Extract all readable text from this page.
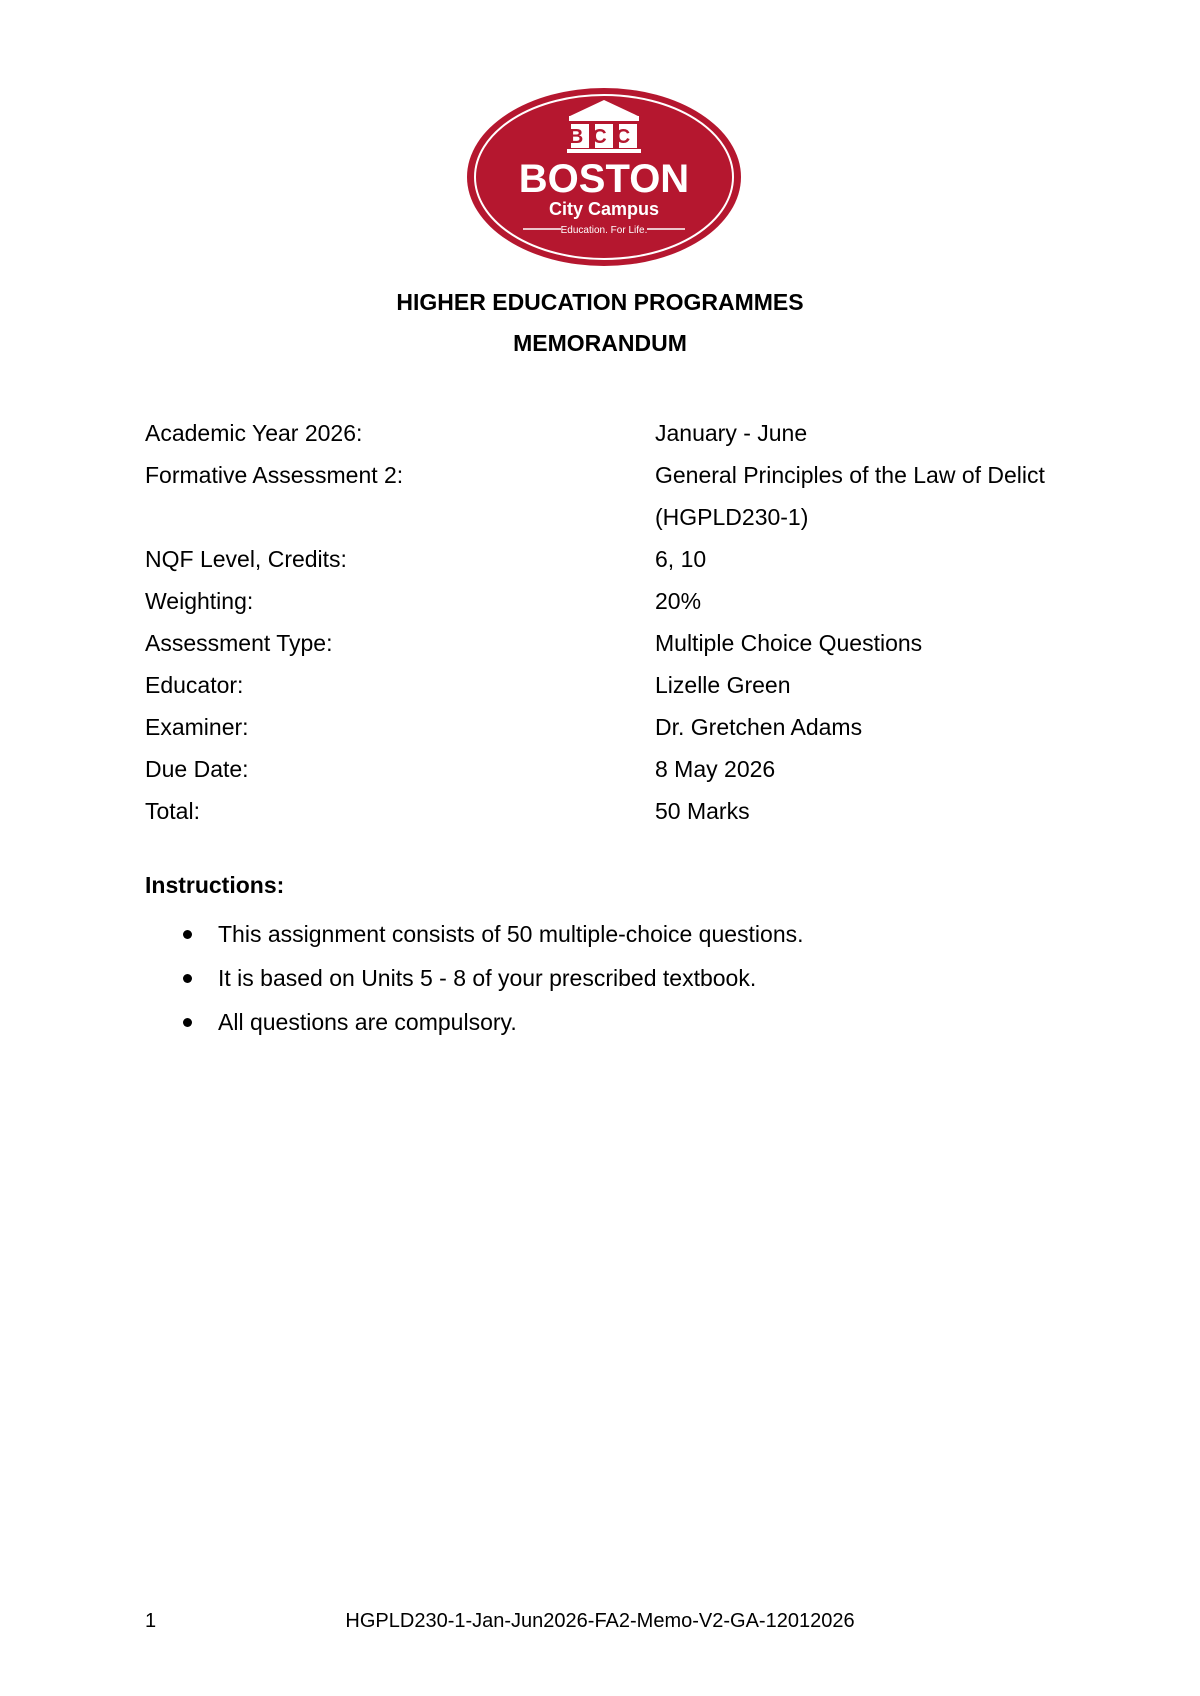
BCC
BOSTON
City Campus
Education. For Life.
HIGHER EDUCATION PROGRAMMES
MEMORANDUM
Academic Year 2026:	January - June
Formative Assessment 2:	General Principles of the Law of Delict
(HGPLD230-1)
NQF Level, Credits:	6, 10
Weighting:	20%
Assessment Type:	Multiple Choice Questions
Educator:	Lizelle Green
Examiner:	Dr. Gretchen Adams
Due Date:	8 May 2026
Total:	50 Marks
Instructions:
This assignment consists of 50 multiple-choice questions.
It is based on Units 5 - 8 of your prescribed textbook.
All questions are compulsory.
1	HGPLD230-1-Jan-Jun2026-FA2-Memo-V2-GA-12012026
